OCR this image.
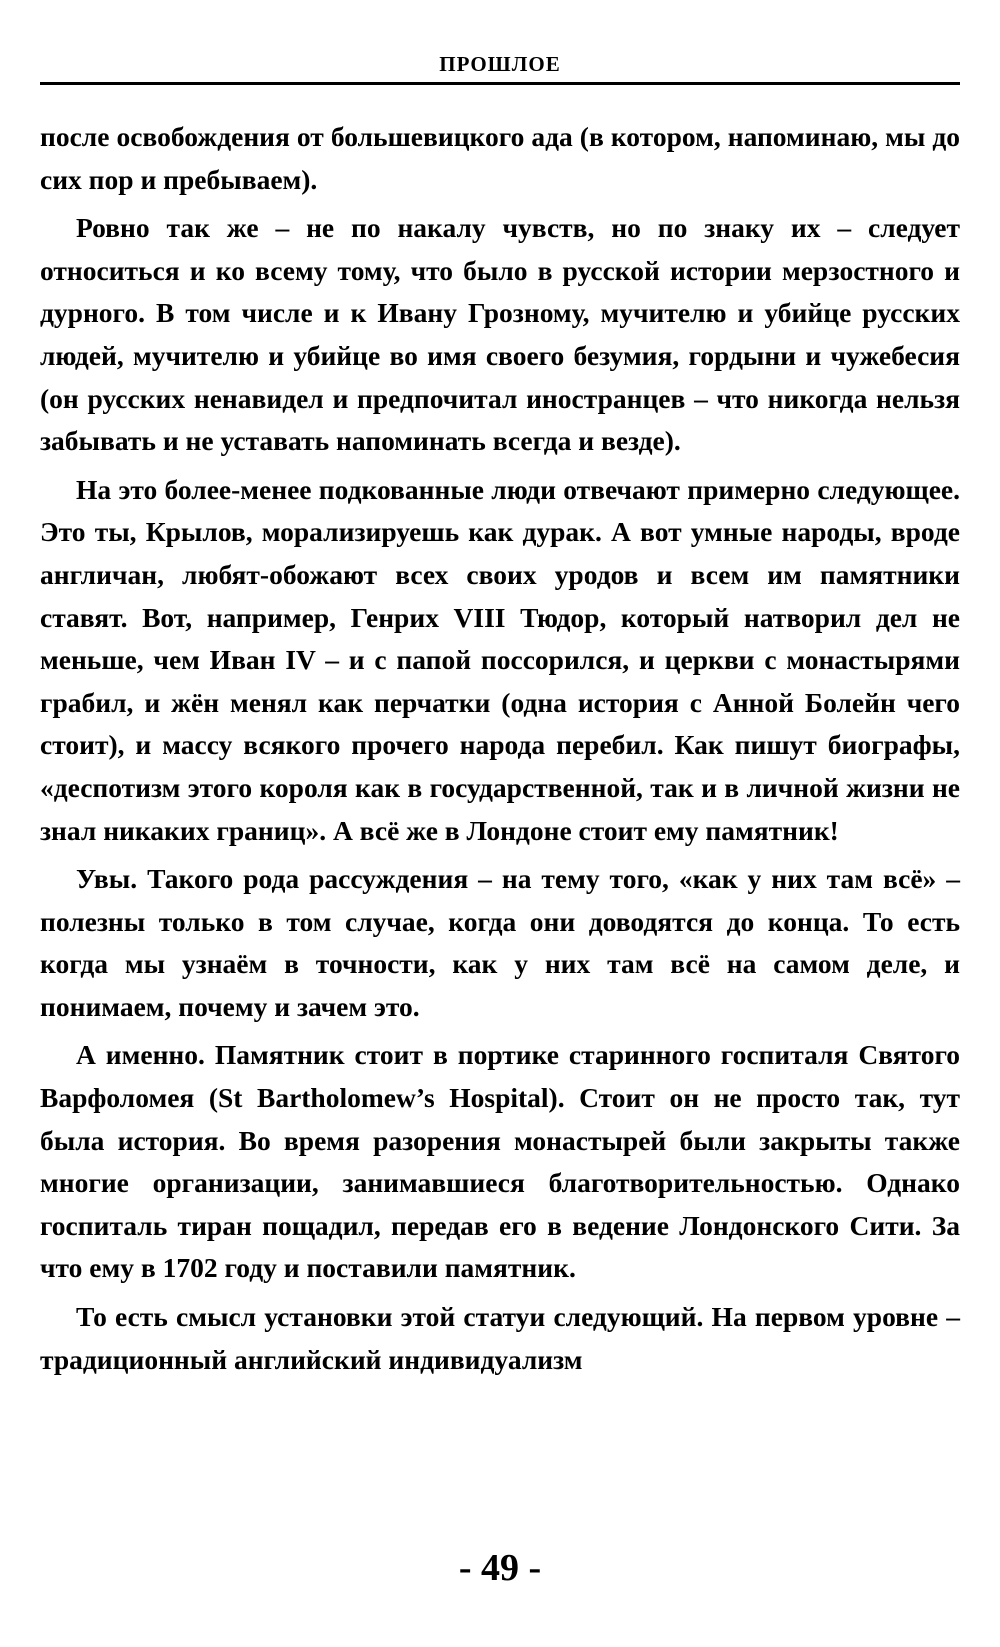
ПРОШЛОЕ

после освобождения от большевицкого ада (в котором, напоминаю, мы до сих пор и пребываем).

Ровно так же – не по накалу чувств, но по знаку их – следует относиться и ко всему тому, что было в русской истории мерзостного и дурного. В том числе и к Ивану Грозному, мучителю и убийце русских людей, мучителю и убийце во имя своего безумия, гордыни и чужебесия (он русских ненавидел и предпочитал иностранцев – что никогда нельзя забывать и не уставать напоминать всегда и везде).

На это более-менее подкованные люди отвечают примерно следующее. Это ты, Крылов, морализируешь как дурак. А вот умные народы, вроде англичан, любят-обожают всех своих уродов и всем им памятники ставят. Вот, например, Генрих VIII Тюдор, который натворил дел не меньше, чем Иван IV – и с папой поссорился, и церкви с монастырями грабил, и жён менял как перчатки (одна история с Анной Болейн чего стоит), и массу всякого прочего народа перебил. Как пишут биографы, «деспотизм этого короля как в государственной, так и в личной жизни не знал никаких границ». А всё же в Лондоне стоит ему памятник!

Увы. Такого рода рассуждения – на тему того, «как у них там всё» – полезны только в том случае, когда они доводятся до конца. То есть когда мы узнаём в точности, как у них там всё на самом деле, и понимаем, почему и зачем это.

А именно. Памятник стоит в портике старинного госпиталя Святого Варфоломея (St Bartholomew’s Hospital). Стоит он не просто так, тут была история. Во время разорения монастырей были закрыты также многие организации, занимавшиеся благотворительностью. Однако госпиталь тиран пощадил, передав его в ведение Лондонского Сити. За что ему в 1702 году и поставили памятник.

То есть смысл установки этой статуи следующий. На первом уровне – традиционный английский индивидуализм

- 49 -
